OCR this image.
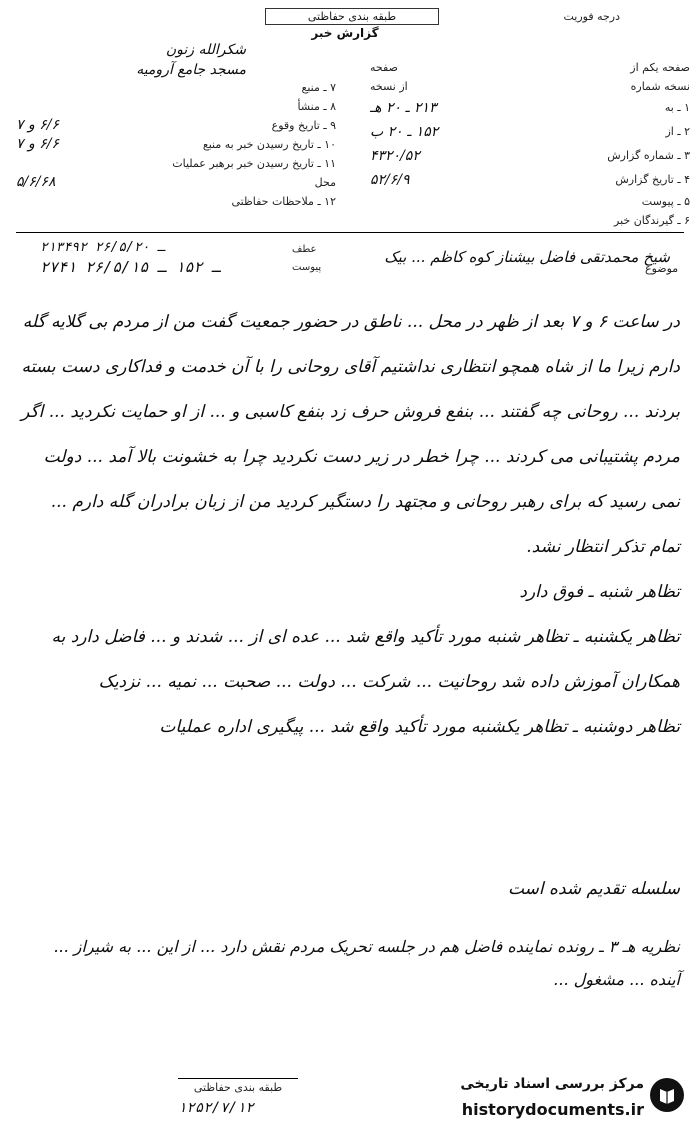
طبقه بندی حفاظتی
گزارش خبر
درجه فوریت
شکرالله زنون
مسجد جامع آرومیه
۷ ـ منبع
۸ ـ منشأ
۹ ـ تاریخ وقوع
۶/۶ و ۷
۱۰ ـ تاریخ رسیدن خبر به منبع
۶/۶ و ۷
۱۱ ـ تاریخ رسیدن خبر برهبر عملیات
محل
۵/۶/۶۸
۱۲ ـ ملاحظات حفاظتی
صفحه یکم از
صفحه
نسخه شماره
از نسخه
۱ ـ به
۲۱۳ ـ ۲۰ هـ
۲ ـ از
۱۵۲ ـ ۲۰ ب
۳ ـ شماره گزارش
۴۳۲۰/۵۲
۴ ـ تاریخ گزارش
۵۲/۶/۹
۵ ـ پیوست
۶ ـ گیرندگان خبر
۲۱۳۴۹۲ ـ ۲۶/۵/۲۰
۲۷۴۱ ـ ۱۵۲ ـ ۲۶/۵/۱۵
عطف
پیوست
شیخ محمدتقی فاضل بیشناز کوه کاظم ... بیک
موضوع

در ساعت ۶ و ۷ بعد از ظهر در محل ... ناطق در حضور جمعیت گفت من از مردم بی گلایه گله دارم زیرا ما از شاه همچو انتظاری نداشتیم آقای روحانی را با آن خدمت و فداکاری دست بسته بردند ... روحانی چه گفتند ... بنفع فروش حرف زد بنفع کاسبی و ... از او حمایت نکردید ... اگر مردم پشتیبانی می کردند ... چرا خطر در زیر دست نکردید چرا به خشونت بالا آمد ... دولت نمی رسید که برای رهبر روحانی و مجتهد را دستگیر کردید من از زبان برادران گله دارم ... تمام تذکر انتظار نشد.

تظاهر شنبه ـ فوق دارد

تظاهر یکشنبه ـ تظاهر شنبه مورد تأکید واقع شد ... عده ای از ... شدند و ... فاضل دارد به همکاران آموزش داده شد روحانیت ... شرکت ... دولت ... صحبت ... نمیه ... نزدیک

تظاهر دوشنبه ـ تظاهر یکشنبه مورد تأکید واقع شد ... پیگیری اداره عملیات

سلسله تقدیم شده است
نظریه هـ ۳ ـ رونده نماینده فاضل هم در جلسه تحریک مردم نقش دارد ... از این ... به شیراز ... آینده ... مشغول ...
طبقه بندی حفاظتی
۱۲۵۲/۷/۱۲
مرکز بررسی اسناد تاریخی
historydocuments.ir
